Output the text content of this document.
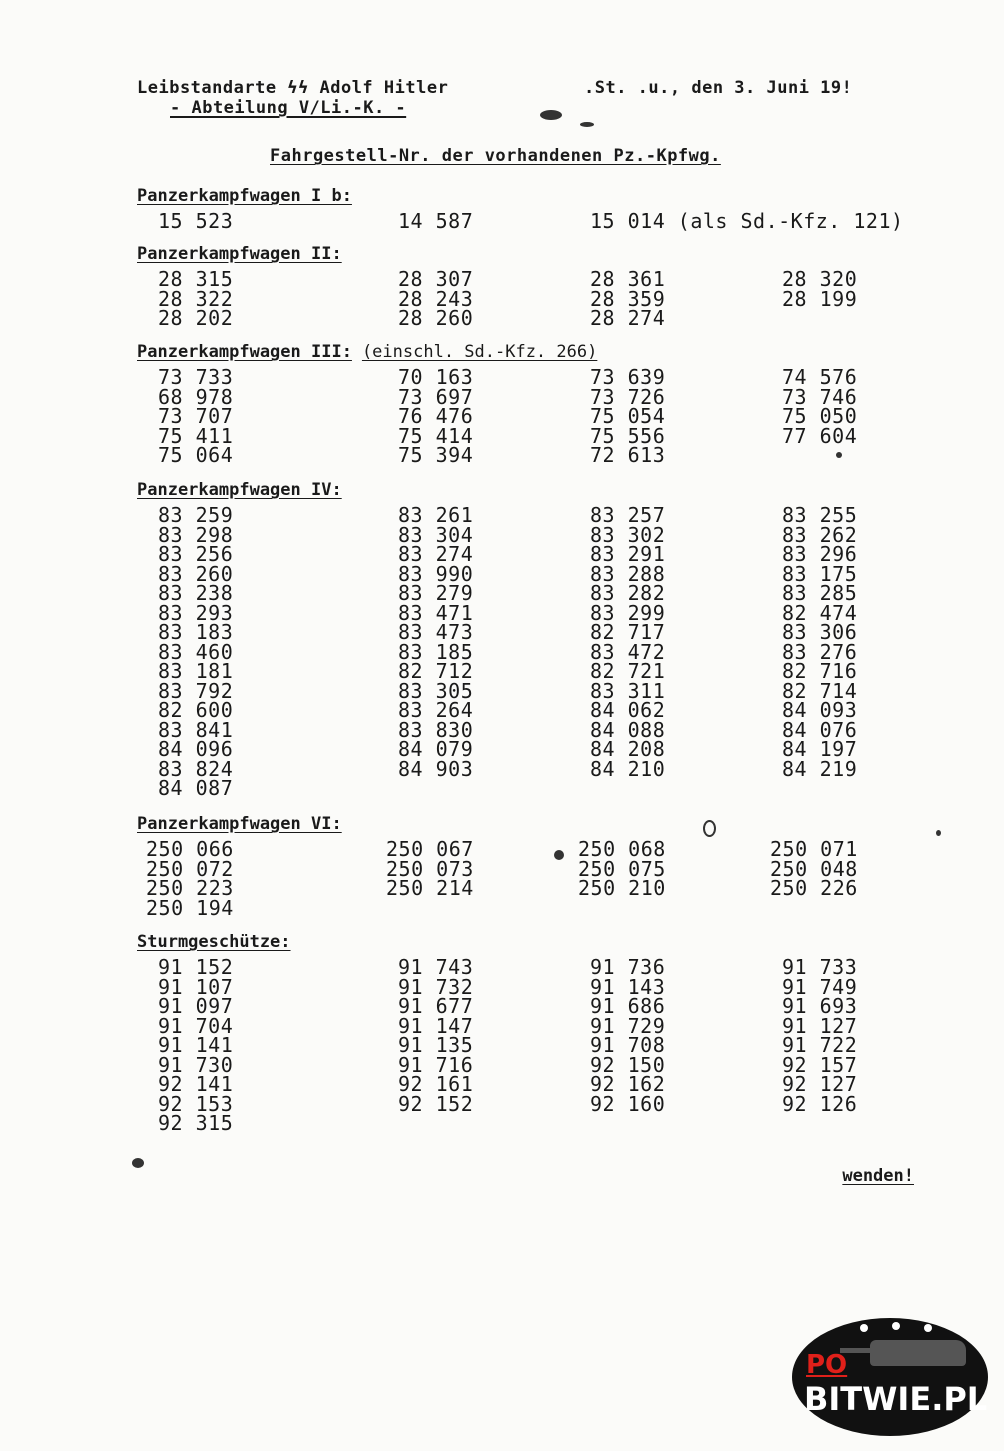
Leibstandarte ϟϟ Adolf Hitler
- Abteilung V/Li.-K. -
.St. .u., den 3. Juni 19!
Fahrgestell-Nr. der vorhandenen Pz.-Kpfwg.
Panzerkampfwagen I b:
15 523	14 587	15 014 (als Sd.-Kfz. 121)
Panzerkampfwagen II:
28 315
28 322
28 202
28 307
28 243
28 260
28 361
28 359
28 274
28 320
28 199
Panzerkampfwagen III: (einschl. Sd.-Kfz. 266)
73 733
68 978
73 707
75 411
75 064
70 163
73 697
76 476
75 414
75 394
73 639
73 726
75 054
75 556
72 613
74 576
73 746
75 050
77 604
Panzerkampfwagen IV:
83 259
83 298
83 256
83 260
83 238
83 293
83 183
83 460
83 181
83 792
82 600
83 841
84 096
83 824
84 087
83 261
83 304
83 274
83 990
83 279
83 471
83 473
83 185
82 712
83 305
83 264
83 830
84 079
84 903
83 257
83 302
83 291
83 288
83 282
83 299
82 717
83 472
82 721
83 311
84 062
84 088
84 208
84 210
83 255
83 262
83 296
83 175
83 285
82 474
83 306
83 276
82 716
82 714
84 093
84 076
84 197
84 219
Panzerkampfwagen VI:
250 066
250 072
250 223
250 194
250 067
250 073
250 214
250 068
250 075
250 210
250 071
250 048
250 226
Sturmgeschütze:
91 152
91 107
91 097
91 704
91 141
91 730
92 141
92 153
92 315
91 743
91 732
91 677
91 147
91 135
91 716
92 161
92 152
91 736
91 143
91 686
91 729
91 708
92 150
92 162
92 160
91 733
91 749
91 693
91 127
91 722
92 157
92 127
92 126
wenden!
PO
BITWIE.PL
